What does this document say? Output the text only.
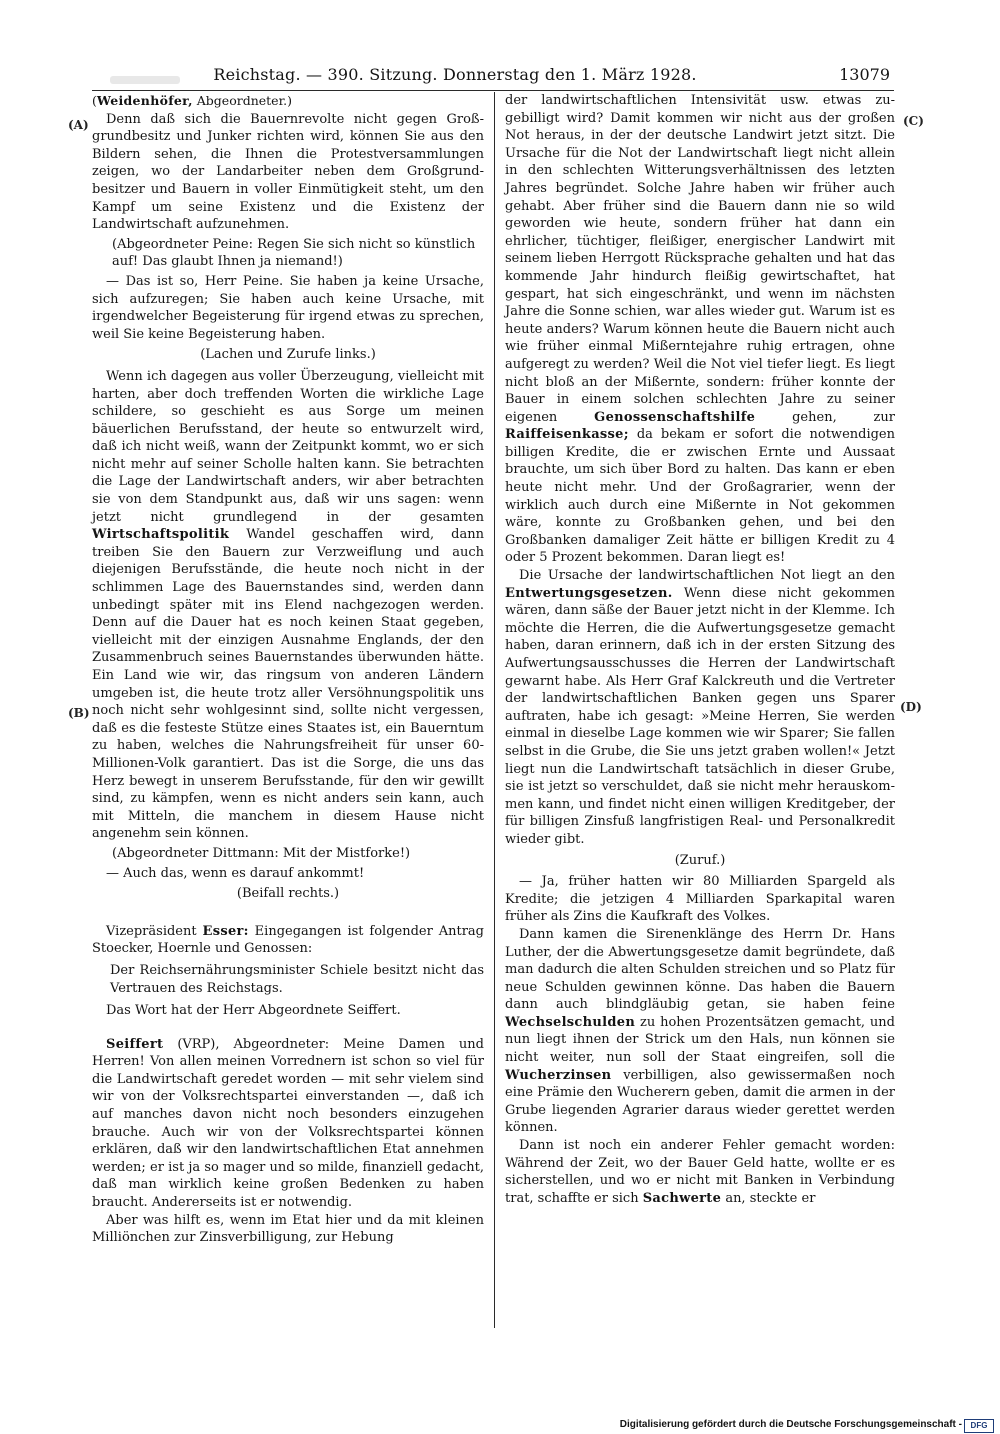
Reichstag. — 390. Sitzung. Donnerstag den 1. März 1928.	13079
(A)
(B)
(C)
(D)

(Weidenhöfer, Abgeordneter.)

Denn daß sich die Bauernrevolte nicht gegen Großgrundbesitz und Junker richten wird, können Sie aus den Bildern sehen, die Ihnen die Protestversammlungen zeigen, wo der Landarbeiter neben dem Großgrundbesitzer und Bauern in voller Einmütigkeit steht, um den Kampf um seine Existenz und die Existenz der Landwirtschaft aufzunehmen.

(Abgeordneter Peine: Regen Sie sich nicht so künstlich auf! Das glaubt Ihnen ja niemand!)

— Das ist so, Herr Peine. Sie haben ja keine Ursache, sich aufzuregen; Sie haben auch keine Ursache, mit irgendwelcher Begeisterung für irgend etwas zu sprechen, weil Sie keine Begeisterung haben.

(Lachen und Zurufe links.)

Wenn ich dagegen aus voller Überzeugung, vielleicht mit harten, aber doch treffenden Worten die wirkliche Lage schildere, so geschieht es aus Sorge um meinen bäuerlichen Berufsstand, der heute so entwurzelt wird, daß ich nicht weiß, wann der Zeitpunkt kommt, wo er sich nicht mehr auf seiner Scholle halten kann. Sie betrachten die Lage der Landwirtschaft anders, wir aber betrachten sie von dem Standpunkt aus, daß wir uns sagen: wenn jetzt nicht grundlegend in der gesamten Wirtschaftspolitik Wandel geschaffen wird, dann treiben Sie den Bauern zur Verzweiflung und auch diejenigen Berufsstände, die heute noch nicht in der schlimmen Lage des Bauernstandes sind, werden dann unbedingt später mit ins Elend nachgezogen werden. Denn auf die Dauer hat es noch keinen Staat gegeben, vielleicht mit der einzigen Ausnahme Englands, der den Zusammenbruch seines Bauernstandes überwunden hätte. Ein Land wie wir, das ringsum von anderen Ländern umgeben ist, die heute trotz aller Versöhnungspolitik uns noch nicht sehr wohlgesinnt sind, sollte nicht vergessen, daß es die festeste Stütze eines Staates ist, ein Bauerntum zu haben, welches die Nahrungsfreiheit für unser 60-Millionen-Volk garantiert. Das ist die Sorge, die uns das Herz bewegt in unserem Berufsstande, für den wir gewillt sind, zu kämpfen, wenn es nicht anders sein kann, auch mit Mitteln, die manchem in diesem Hause nicht angenehm sein können.

(Abgeordneter Dittmann: Mit der Mistforke!)

— Auch das, wenn es darauf ankommt!

(Beifall rechts.)

Vizepräsident Esser: Eingegangen ist folgender Antrag Stoecker, Hoernle und Genossen:

Der Reichsernährungsminister Schiele besitzt nicht das Vertrauen des Reichstags.

Das Wort hat der Herr Abgeordnete Seiffert.

Seiffert (VRP), Abgeordneter: Meine Damen und Herren! Von allen meinen Vorrednern ist schon so viel für die Landwirtschaft geredet worden — mit sehr vielem sind wir von der Volksrechtspartei einverstanden —, daß ich auf manches davon nicht noch besonders einzugehen brauche. Auch wir von der Volksrechtspartei können erklären, daß wir den landwirtschaftlichen Etat annehmen werden; er ist ja so mager und so milde, finanziell gedacht, daß man wirklich keine großen Bedenken zu haben braucht. Andererseits ist er notwendig.

Aber was hilft es, wenn im Etat hier und da mit kleinen Milliönchen zur Zinsverbilligung, zur Hebung

der landwirtschaftlichen Intensivität usw. etwas zugebilligt wird? Damit kommen wir nicht aus der großen Not heraus, in der der deutsche Landwirt jetzt sitzt. Die Ursache für die Not der Landwirtschaft liegt nicht allein in den schlechten Witterungsverhältnissen des letzten Jahres begründet. Solche Jahre haben wir früher auch gehabt. Aber früher sind die Bauern dann nie so wild geworden wie heute, sondern früher hat dann ein ehrlicher, tüchtiger, fleißiger, energischer Landwirt mit seinem lieben Herrgott Rücksprache gehalten und hat das kommende Jahr hindurch fleißig gewirtschaftet, hat gespart, hat sich eingeschränkt, und wenn im nächsten Jahre die Sonne schien, war alles wieder gut. Warum ist es heute anders? Warum können heute die Bauern nicht auch wie früher einmal Mißerntejahre ruhig ertragen, ohne aufgeregt zu werden? Weil die Not viel tiefer liegt. Es liegt nicht bloß an der Mißernte, sondern: früher konnte der Bauer in einem solchen schlechten Jahre zu seiner eigenen	Genossenschaftshilfe	gehen, zur Raiffeisenkasse; da bekam er sofort die notwendigen billigen Kredite, die er zwischen Ernte und Aussaat brauchte, um sich über Bord zu halten. Das kann er eben heute nicht mehr. Und der Großagrarier, wenn der wirklich auch durch eine Mißernte in Not gekommen wäre, konnte zu Großbanken gehen, und bei den Großbanken damaliger Zeit hätte er billigen Kredit zu 4 oder 5 Prozent bekommen. Daran liegt es!

Die Ursache der landwirtschaftlichen Not liegt an den Entwertungsgesetzen. Wenn diese nicht gekommen wären, dann säße der Bauer jetzt nicht in der Klemme. Ich möchte die Herren, die die Aufwertungsgesetze gemacht haben, daran erinnern, daß ich in der ersten Sitzung des Aufwertungsausschusses die Herren der Landwirtschaft gewarnt habe. Als Herr Graf Kalckreuth und die Vertreter der landwirtschaftlichen Banken gegen uns Sparer auftraten, habe ich gesagt: »Meine Herren, Sie werden einmal in dieselbe Lage kommen wie wir Sparer; Sie fallen selbst in die Grube, die Sie uns jetzt graben wollen!« Jetzt liegt nun die Landwirtschaft tatsächlich in dieser Grube, sie ist jetzt so verschuldet, daß sie nicht mehr herauskommen kann, und findet nicht einen willigen Kreditgeber, der für billigen Zinsfuß langfristigen Real- und Personalkredit wieder gibt.

(Zuruf.)

— Ja, früher hatten wir 80 Milliarden Spargeld als Kredite; die jetzigen 4 Milliarden Sparkapital waren früher als Zins die Kaufkraft des Volkes.

Dann kamen die Sirenenklänge des Herrn Dr. Hans Luther, der die Abwertungsgesetze damit begründete, daß man dadurch die alten Schulden streichen und so Platz für neue Schulden gewinnen könne. Das haben die Bauern dann auch blindgläubig getan, sie haben feine Wechselschulden zu hohen Prozentsätzen gemacht, und nun liegt ihnen der Strick um den Hals, nun können sie nicht weiter, nun soll der Staat eingreifen, soll die Wucherzinsen verbilligen, also gewissermaßen noch eine Prämie den Wucherern geben, damit die armen in der Grube liegenden Agrarier daraus wieder gerettet werden können.

Dann ist noch ein anderer Fehler gemacht worden: Während der Zeit, wo der Bauer Geld hatte, wollte er es sicherstellen, und wo er nicht mit Banken in Verbindung trat, schaffte er sich Sachwerte an, steckte er

Digitalisierung gefördert durch die Deutsche Forschungsgemeinschaft -	DFG
